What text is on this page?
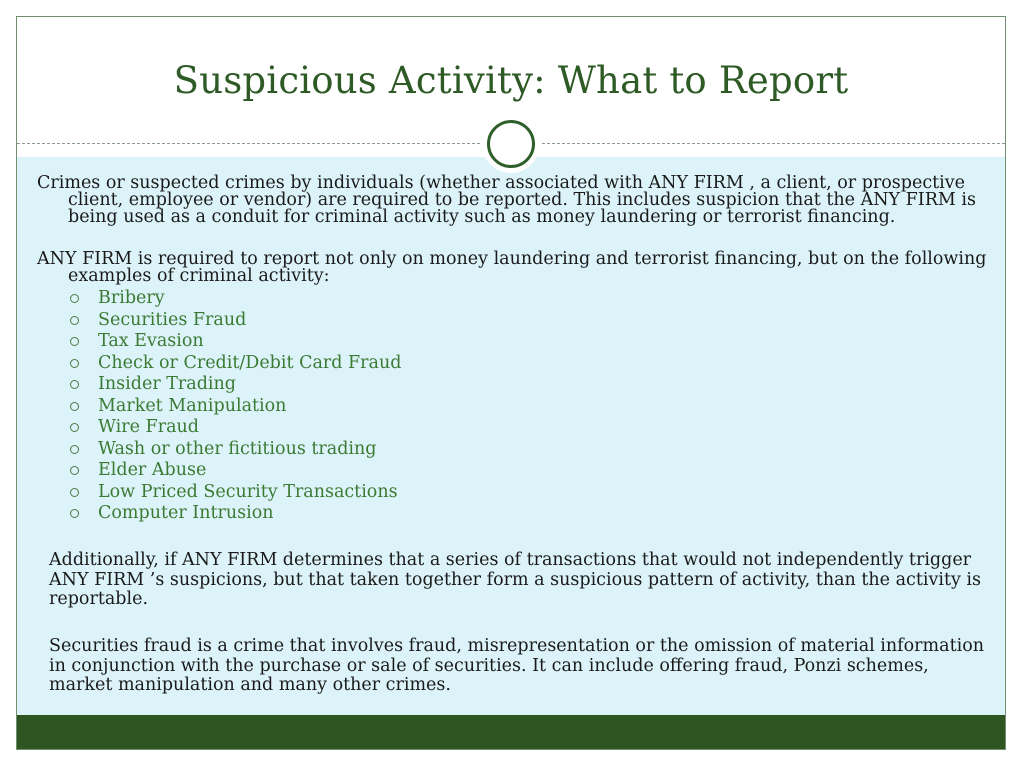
Suspicious Activity: What to Report
Crimes or suspected crimes by individuals (whether associated with ANY FIRM , a client, or prospective client, employee or vendor) are required to be reported. This includes suspicion that the ANY FIRM is being used as a conduit for criminal activity such as money laundering or terrorist financing.
ANY FIRM is required to report not only on money laundering and terrorist financing, but on the following examples of criminal activity:
Bribery
Securities Fraud
Tax Evasion
Check or Credit/Debit Card Fraud
Insider Trading
Market Manipulation
Wire Fraud
Wash or other fictitious trading
Elder Abuse
Low Priced Security Transactions
Computer Intrusion
Additionally, if ANY FIRM determines that a series of transactions that would not independently trigger ANY FIRM ’s suspicions, but that taken together form a suspicious pattern of activity, than the activity is reportable.
Securities fraud is a crime that involves fraud, misrepresentation or the omission of material information in conjunction with the purchase or sale of securities. It can include offering fraud, Ponzi schemes, market manipulation and many other crimes.
